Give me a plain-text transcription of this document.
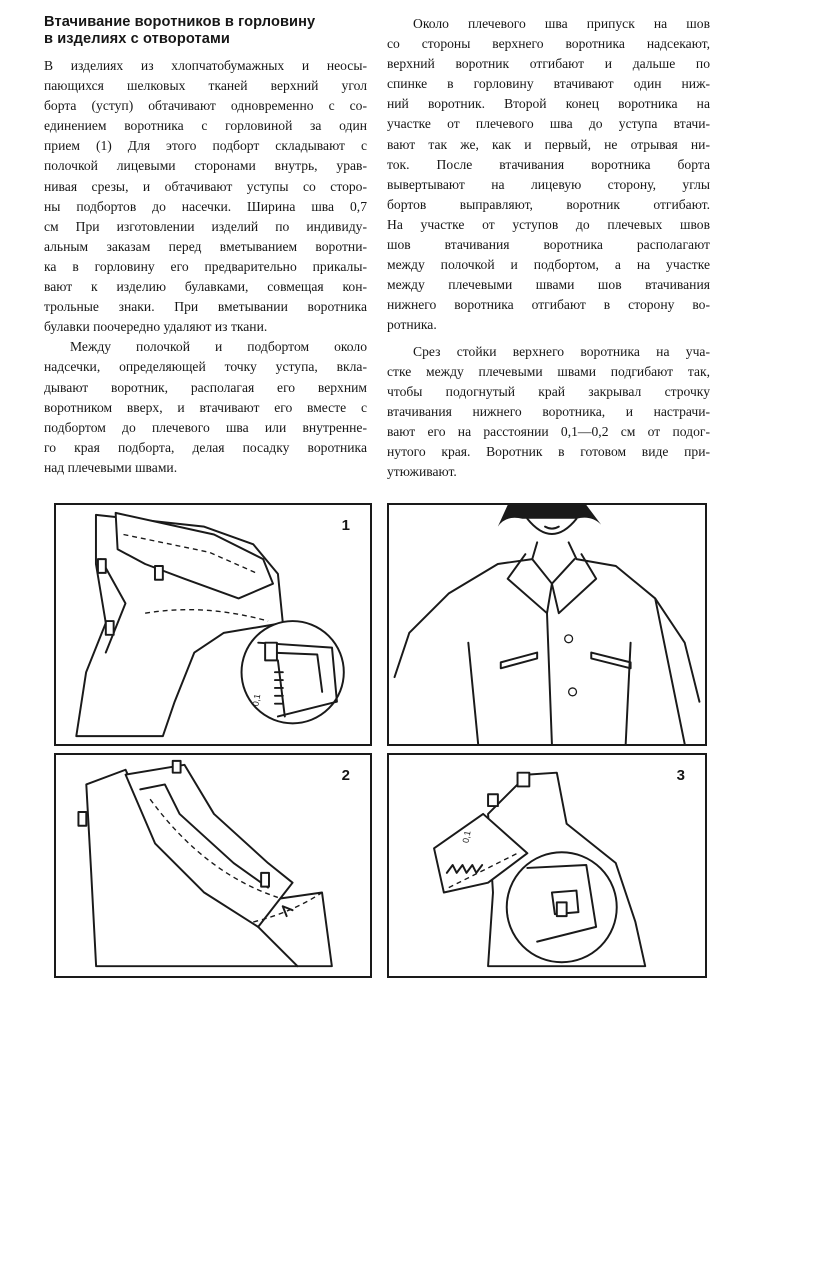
Втачивание воротников в горловину
в изделиях с отворотами

В изделиях из хлопчатобумажных и неосы-
пающихся шелковых тканей верхний угол
борта (уступ) обтачивают одновременно с со-
единением воротника с горловиной за один
прием (1) Для этого подборт складывают с
полочкой лицевыми сторонами внутрь, урав-
нивая срезы, и обтачивают уступы со сторо-
ны подбортов до насечки. Ширина шва 0,7
см При изготовлении изделий по индивиду-
альным заказам перед вметыванием воротни-
ка в горловину его предварительно прикалы-
вают к изделию булавками, совмещая кон-
трольные знаки. При вметывании воротника
булавки поочередно удаляют из ткани.

Между полочкой и подбортом около
надсечки, определяющей точку уступа, вкла-
дывают воротник, располагая его верхним
воротником вверх, и втачивают его вместе с
подбортом до плечевого шва или внутренне-
го края подборта, делая посадку воротника
над плечевыми швами.

Около плечевого шва припуск на шов
со стороны верхнего воротника надсекают,
верхний воротник отгибают и дальше по
спинке в горловину втачивают один ниж-
ний воротник. Второй конец воротника на
участке от плечевого шва до уступа втачи-
вают так же, как и первый, не отрывая ни-
ток. После втачивания воротника борта
вывертывают на лицевую сторону, углы
бортов выправляют, воротник отгибают.
На участке от уступов до плечевых швов
шов втачивания воротника располагают
между полочкой и подбортом, а на участке
между плечевыми швами шов втачивания
нижнего воротника отгибают в сторону во-
ротника.

Срез стойки верхнего воротника на уча-
стке между плечевыми швами подгибают так,
чтобы подогнутый край закрывал строчку
втачивания нижнего воротника, и настрачи-
вают его на расстоянии 0,1—0,2 см от подог-
нутого края. Воротник в готовом виде при-
утюживают.

0,1
1
2
0,1
3
